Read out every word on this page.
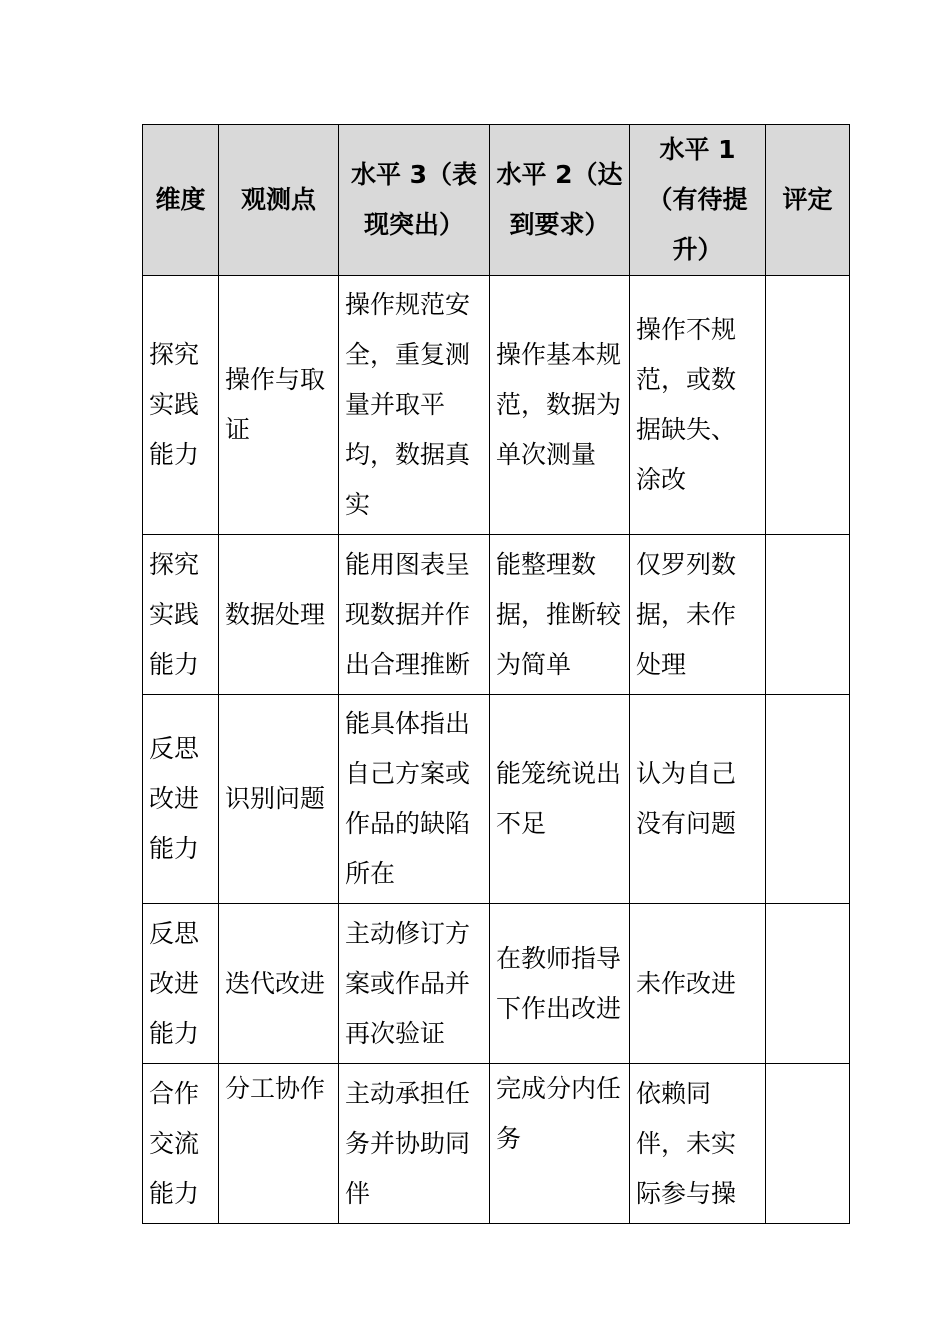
维度	观测点	水平 3（表现突出）	水平 2（达到要求）	水平 1（有待提升）	评定
探究实践能力	操作与取证	操作规范安全，重复测量并取平均，数据真实	操作基本规范，数据为单次测量	操作不规范，或数据缺失、涂改	
探究实践能力	数据处理	能用图表呈现数据并作出合理推断	能整理数据，推断较为简单	仅罗列数据，未作处理	
反思改进能力	识别问题	能具体指出自己方案或作品的缺陷所在	能笼统说出不足	认为自己没有问题	
反思改进能力	迭代改进	主动修订方案或作品并再次验证	在教师指导下作出改进	未作改进	
合作交流能力	分工协作	主动承担任务并协助同伴	完成分内任务	依赖同伴，未实际参与操	
